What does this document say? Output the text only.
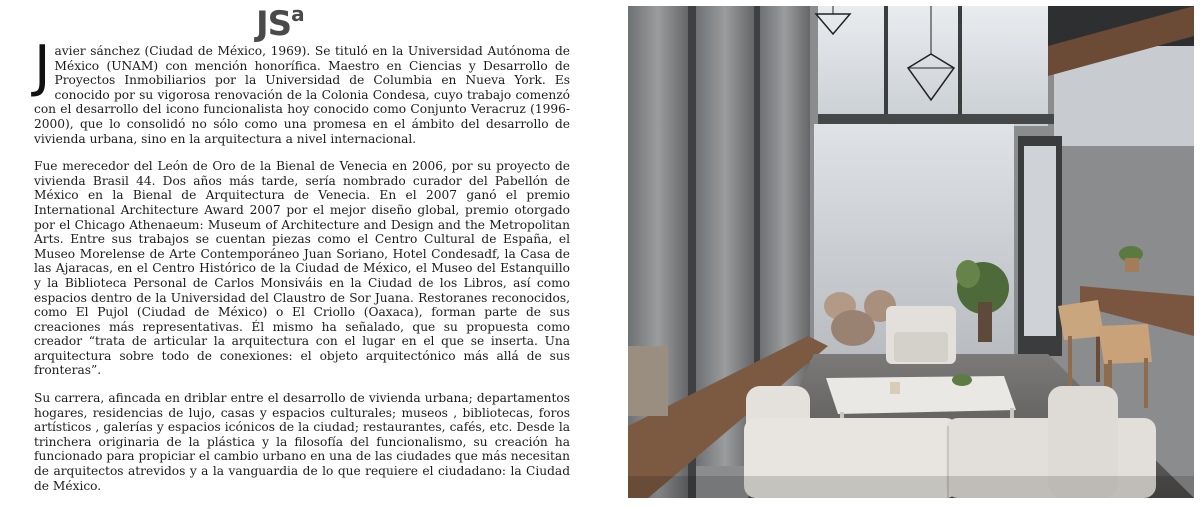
$JS^a$

Javier sánchez (Ciudad de México, 1969). Se tituló en la Universidad Autónoma de México (UNAM) con mención honorífica. Maestro en Ciencias y Desarrollo de Proyectos Inmobiliarios por la Universidad de Columbia en Nueva York. Es conocido por su vigorosa renovación de la Colonia Condesa, cuyo trabajo comenzó con el desarrollo del icono funcionalista hoy conocido como Conjunto Veracruz (1996-2000), que lo consolidó no sólo como una promesa en el ámbito del desarrollo de vivienda urbana, sino en la arquitectura a nivel internacional.

Fue merecedor del León de Oro de la Bienal de Venecia en 2006, por su proyecto de vivienda Brasil 44. Dos años más tarde, sería nombrado curador del Pabellón de México en la Bienal de Arquitectura de Venecia. En el 2007 ganó el premio International Architecture Award 2007 por el mejor diseño global, premio otorgado por el Chicago Athenaeum: Museum of Architecture and Design and the Metropolitan Arts. Entre sus trabajos se cuentan piezas como el Centro Cultural de España, el Museo Morelense de Arte Contemporáneo Juan Soriano, Hotel Condesadf, la Casa de las Ajaracas, en el Centro Histórico de la Ciudad de México, el Museo del Estanquillo y la Biblioteca Personal de Carlos Monsiváis en la Ciudad de los Libros, así como espacios dentro de la Universidad del Claustro de Sor Juana. Restoranes reconocidos, como El Pujol (Ciudad de México) o El Criollo (Oaxaca), forman parte de sus creaciones más representativas. Él mismo ha señalado, que su propuesta como creador “trata de articular la arquitectura con el lugar en el que se inserta. Una arquitectura sobre todo de conexiones: el objeto arquitectónico más allá de sus fronteras”.

Su carrera, afincada en driblar entre el desarrollo de vivienda urbana; departamentos hogares, residencias de lujo, casas y espacios culturales; museos , bibliotecas, foros artísticos , galerías y espacios icónicos de la ciudad; restaurantes, cafés, etc. Desde la trinchera originaria de la plástica y la filosofía del funcionalismo, su creación ha funcionado para propiciar el cambio urbano en una de las ciudades que más necesitan de arquitectos atrevidos y a la vanguardia de lo que requiere el ciudadano: la Ciudad de México.
